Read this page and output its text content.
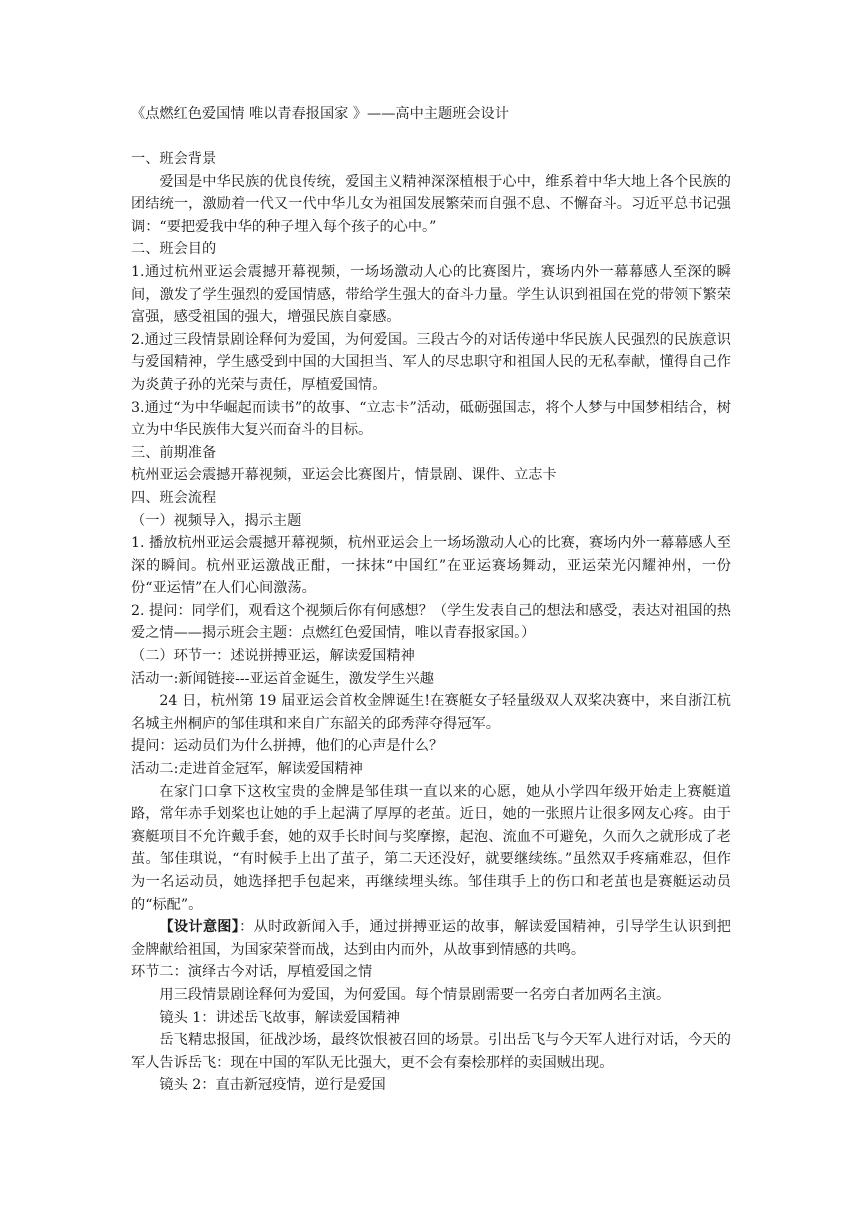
《点燃红色爱国情 唯以青春报国家 》——高中主题班会设计

一、班会背景

爱国是中华民族的优良传统，爱国主义精神深深植根于心中，维系着中华大地上各个民族的团结统一，激励着一代又一代中华儿女为祖国发展繁荣而自强不息、不懈奋斗。习近平总书记强调：“要把爱我中华的种子埋入每个孩子的心中。”

二、班会目的

1.通过杭州亚运会震撼开幕视频，一场场激动人心的比赛图片，赛场内外一幕幕感人至深的瞬间，激发了学生强烈的爱国情感，带给学生强大的奋斗力量。学生认识到祖国在党的带领下繁荣富强，感受祖国的强大，增强民族自豪感。

2.通过三段情景剧诠释何为爱国，为何爱国。三段古今的对话传递中华民族人民强烈的民族意识与爱国精神，学生感受到中国的大国担当、军人的尽忠职守和祖国人民的无私奉献，懂得自己作为炎黄子孙的光荣与责任，厚植爱国情。

3.通过“为中华崛起而读书”的故事、“立志卡”活动，砥砺强国志，将个人梦与中国梦相结合，树立为中华民族伟大复兴而奋斗的目标。

三、前期准备

杭州亚运会震撼开幕视频，亚运会比赛图片，情景剧、课件、立志卡

四、班会流程

（一）视频导入，揭示主题

1. 播放杭州亚运会震撼开幕视频，杭州亚运会上一场场激动人心的比赛，赛场内外一幕幕感人至深的瞬间。杭州亚运激战正酣，一抹抹“中国红”在亚运赛场舞动，亚运荣光闪耀神州，一份份“亚运情”在人们心间激荡。

2. 提问：同学们，观看这个视频后你有何感想？（学生发表自己的想法和感受，表达对祖国的热爱之情——揭示班会主题：点燃红色爱国情，唯以青春报家国。）

（二）环节一：述说拼搏亚运，解读爱国精神

活动一:新闻链接---亚运首金诞生，激发学生兴趣

24 日，杭州第 19 届亚运会首枚金牌诞生!在赛艇女子轻量级双人双桨决赛中，来自浙江杭名城主州桐庐的邹佳琪和来自广东韶关的邱秀萍夺得冠军。

提问：运动员们为什么拼搏，他们的心声是什么？

活动二:走进首金冠军，解读爱国精神

在家门口拿下这枚宝贵的金牌是邹佳琪一直以来的心愿，她从小学四年级开始走上赛艇道路，常年赤手划桨也让她的手上起满了厚厚的老茧。近日，她的一张照片让很多网友心疼。由于赛艇项目不允许戴手套，她的双手长时间与奖摩擦，起泡、流血不可避免，久而久之就形成了老茧。邹佳琪说，“有时候手上出了茧子，第二天还没好，就要继续练。”虽然双手疼痛难忍，但作为一名运动员，她选择把手包起来，再继续埋头练。邹佳琪手上的伤口和老茧也是赛艇运动员的“标配”。

【设计意图】：从时政新闻入手，通过拼搏亚运的故事，解读爱国精神，引导学生认识到把金牌献给祖国，为国家荣誉而战，达到由内而外，从故事到情感的共鸣。

环节二：演绎古今对话，厚植爱国之情

用三段情景剧诠释何为爱国，为何爱国。每个情景剧需要一名旁白者加两名主演。

镜头 1：讲述岳飞故事，解读爱国精神

岳飞精忠报国，征战沙场，最终饮恨被召回的场景。引出岳飞与今天军人进行对话，今天的军人告诉岳飞：现在中国的军队无比强大，更不会有秦桧那样的卖国贼出现。

镜头 2：直击新冠疫情，逆行是爱国
